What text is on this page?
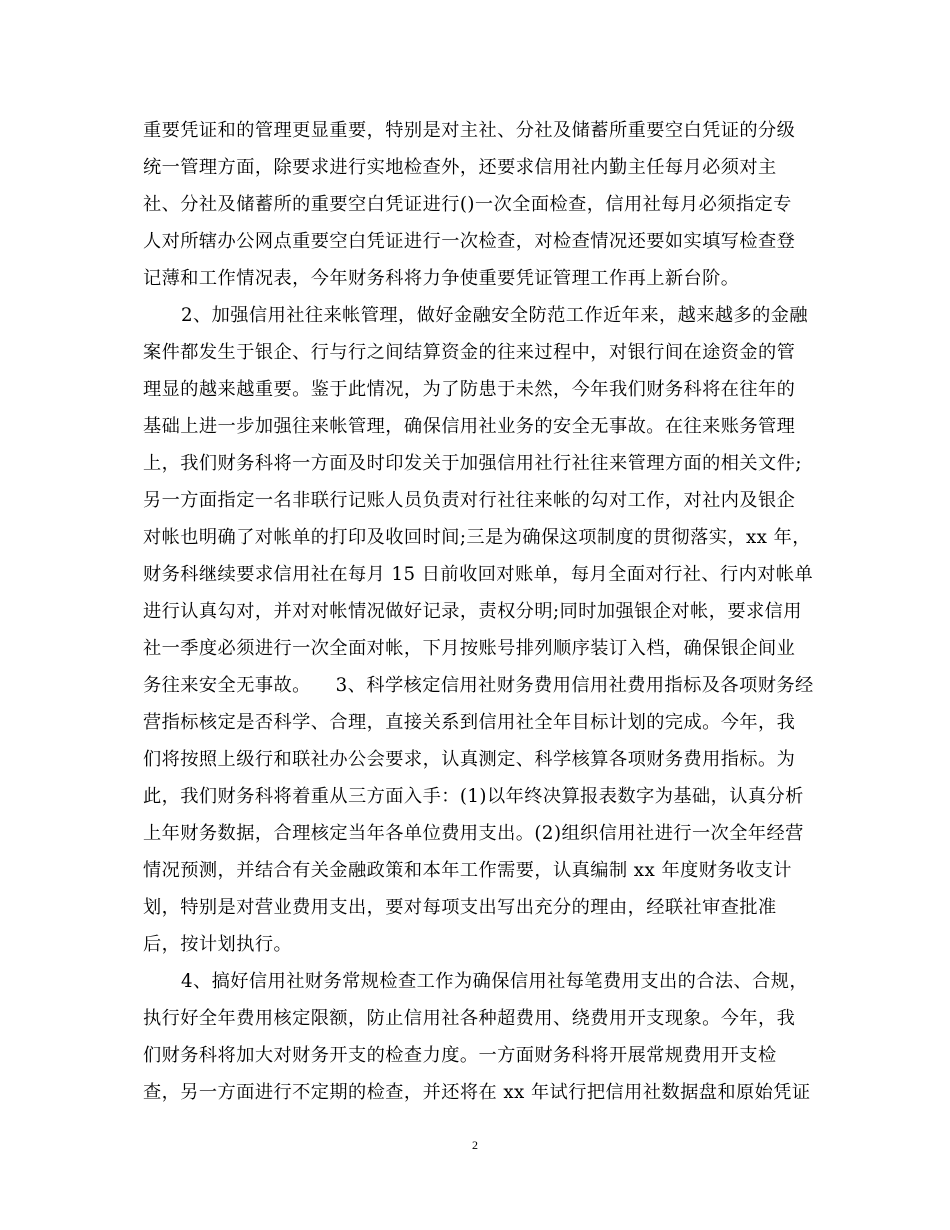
重要凭证和的管理更显重要，特别是对主社、分社及储蓄所重要空白凭证的分级
统一管理方面，除要求进行实地检查外，还要求信用社内勤主任每月必须对主
社、分社及储蓄所的重要空白凭证进行()一次全面检查，信用社每月必须指定专
人对所辖办公网点重要空白凭证进行一次检查，对检查情况还要如实填写检查登
记薄和工作情况表，今年财务科将力争使重要凭证管理工作再上新台阶。
2、加强信用社往来帐管理，做好金融安全防范工作近年来，越来越多的金融
案件都发生于银企、行与行之间结算资金的往来过程中，对银行间在途资金的管
理显的越来越重要。鉴于此情况，为了防患于未然，今年我们财务科将在往年的
基础上进一步加强往来帐管理，确保信用社业务的安全无事故。在往来账务管理
上，我们财务科将一方面及时印发关于加强信用社行社往来管理方面的相关文件;
另一方面指定一名非联行记账人员负责对行社往来帐的勾对工作，对社内及银企
对帐也明确了对帐单的打印及收回时间;三是为确保这项制度的贯彻落实，xx 年，
财务科继续要求信用社在每月 15 日前收回对账单，每月全面对行社、行内对帐单
进行认真勾对，并对对帐情况做好记录，责权分明;同时加强银企对帐，要求信用
社一季度必须进行一次全面对帐，下月按账号排列顺序装订入档，确保银企间业
务往来安全无事故。    3、科学核定信用社财务费用信用社费用指标及各项财务经
营指标核定是否科学、合理，直接关系到信用社全年目标计划的完成。今年，我
们将按照上级行和联社办公会要求，认真测定、科学核算各项财务费用指标。为
此，我们财务科将着重从三方面入手：(1)以年终决算报表数字为基础，认真分析
上年财务数据，合理核定当年各单位费用支出。(2)组织信用社进行一次全年经营
情况预测，并结合有关金融政策和本年工作需要，认真编制 xx 年度财务收支计
划，特别是对营业费用支出，要对每项支出写出充分的理由，经联社审查批准
后，按计划执行。
4、搞好信用社财务常规检查工作为确保信用社每笔费用支出的合法、合规，
执行好全年费用核定限额，防止信用社各种超费用、绕费用开支现象。今年，我
们财务科将加大对财务开支的检查力度。一方面财务科将开展常规费用开支检
查，另一方面进行不定期的检查，并还将在 xx 年试行把信用社数据盘和原始凭证
2
